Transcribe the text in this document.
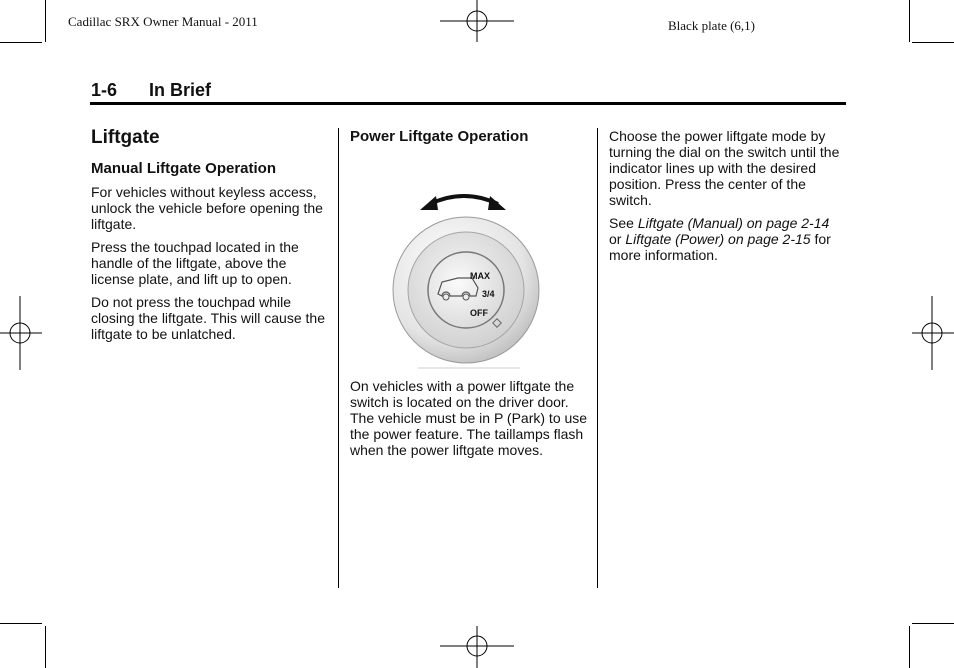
Cadillac SRX Owner Manual - 2011	Black plate (6,1)
1-6 In Brief
Liftgate
Manual Liftgate Operation

For vehicles without keyless access, unlock the vehicle before opening the liftgate.

Press the touchpad located in the handle of the liftgate, above the license plate, and lift up to open.

Do not press the touchpad while closing the liftgate. This will cause the liftgate to be unlatched.

Power Liftgate Operation
MAX
3/4
OFF

On vehicles with a power liftgate the switch is located on the driver door. The vehicle must be in P (Park) to use the power feature. The taillamps flash when the power liftgate moves.

Choose the power liftgate mode by turning the dial on the switch until the indicator lines up with the desired position. Press the center of the switch.

See Liftgate (Manual) on page 2-14 or Liftgate (Power) on page 2-15 for more information.
